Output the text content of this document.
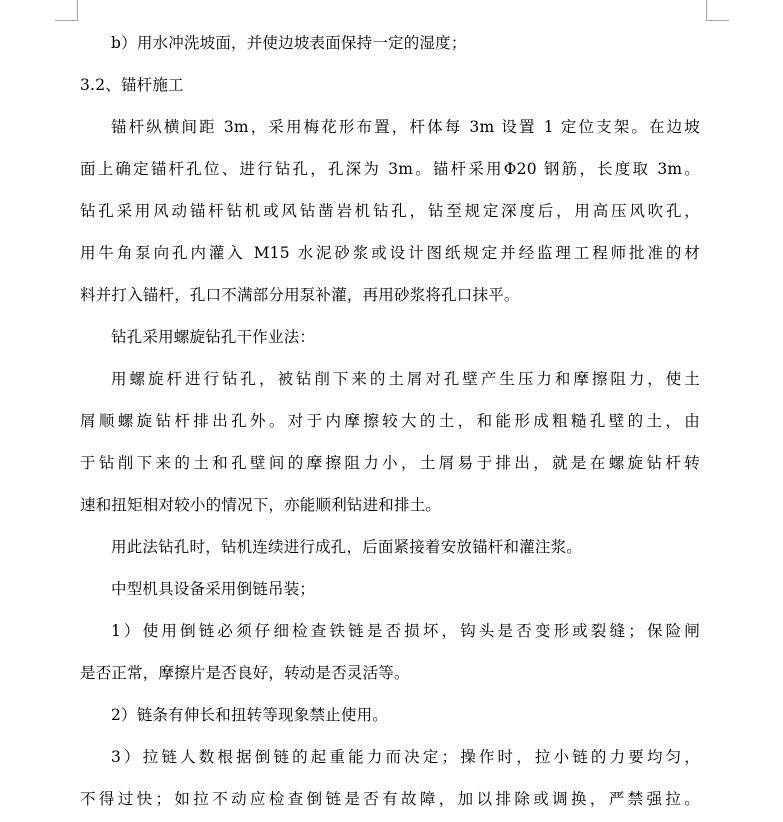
b）用水冲洗坡面，并使边坡表面保持一定的湿度；
3.2、锚杆施工
锚杆纵横间距 3m，采用梅花形布置，杆体每 3m 设置 1 定位支架。在边坡
面上确定锚杆孔位、进行钻孔，孔深为 3m。锚杆采用Φ20 钢筋，长度取 3m。
钻孔采用风动锚杆钻机或风钻凿岩机钻孔，钻至规定深度后，用高压风吹孔，
用牛角泵向孔内灌入 M15 水泥砂浆或设计图纸规定并经监理工程师批准的材
料并打入锚杆，孔口不满部分用泵补灌，再用砂浆将孔口抹平。
钻孔采用螺旋钻孔干作业法：
用螺旋杆进行钻孔，被钻削下来的土屑对孔壁产生压力和摩擦阻力，使土
屑顺螺旋钻杆排出孔外。对于内摩擦较大的土，和能形成粗糙孔壁的土，由
于钻削下来的土和孔壁间的摩擦阻力小，土屑易于排出，就是在螺旋钻杆转
速和扭矩相对较小的情况下，亦能顺利钻进和排土。
用此法钻孔时，钻机连续进行成孔，后面紧接着安放锚杆和灌注浆。
中型机具设备采用倒链吊装；
1）使用倒链必须仔细检查铁链是否损坏，钩头是否变形或裂缝；保险闸
是否正常，摩擦片是否良好，转动是否灵活等。
2）链条有伸长和扭转等现象禁止使用。
3）拉链人数根据倒链的起重能力而决定；操作时，拉小链的力要均匀，
不得过快；如拉不动应检查倒链是否有故障，加以排除或调换，严禁强拉。
